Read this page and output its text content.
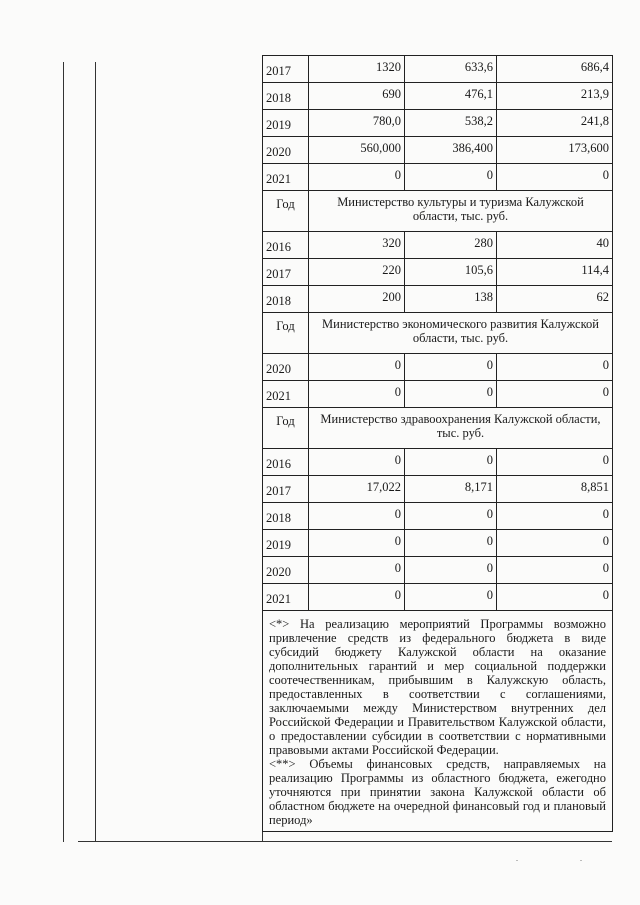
2017	1320	633,6	686,4
2018	690	476,1	213,9
2019	780,0	538,2	241,8
2020	560,000	386,400	173,600
2021	0	0	0
Год	Министерство культуры и туризма Калужской области, тыс. руб.		
2016	320	280	40
2017	220	105,6	114,4
2018	200	138	62
Год	Министерство экономического развития Калужской области, тыс. руб.		
2020	0	0	0
2021	0	0	0
Год	Министерство здравоохранения Калужской области, тыс. руб.		
2016	0	0	0
2017	17,022	8,171	8,851
2018	0	0	0
2019	0	0	0
2020	0	0	0
2021	0	0	0

<*> На реализацию мероприятий Программы возможно привлечение средств из федерального бюджета в виде субсидий бюджету Калужской области на оказание дополнительных гарантий и мер социальной поддержки соотечественникам, прибывшим в Калужскую область, предоставленных в соответствии с соглашениями, заключаемыми между Министерством внутренних дел Российской Федерации и Правительством Калужской области, о предоставлении субсидии в соответствии с нормативными правовыми актами Российской Федерации.

<**> Объемы финансовых средств, направляемых на реализацию Программы из областного бюджета, ежегодно уточняются при принятии закона Калужской области об областном бюджете на очередной финансовый год и плановый период»			

. .
